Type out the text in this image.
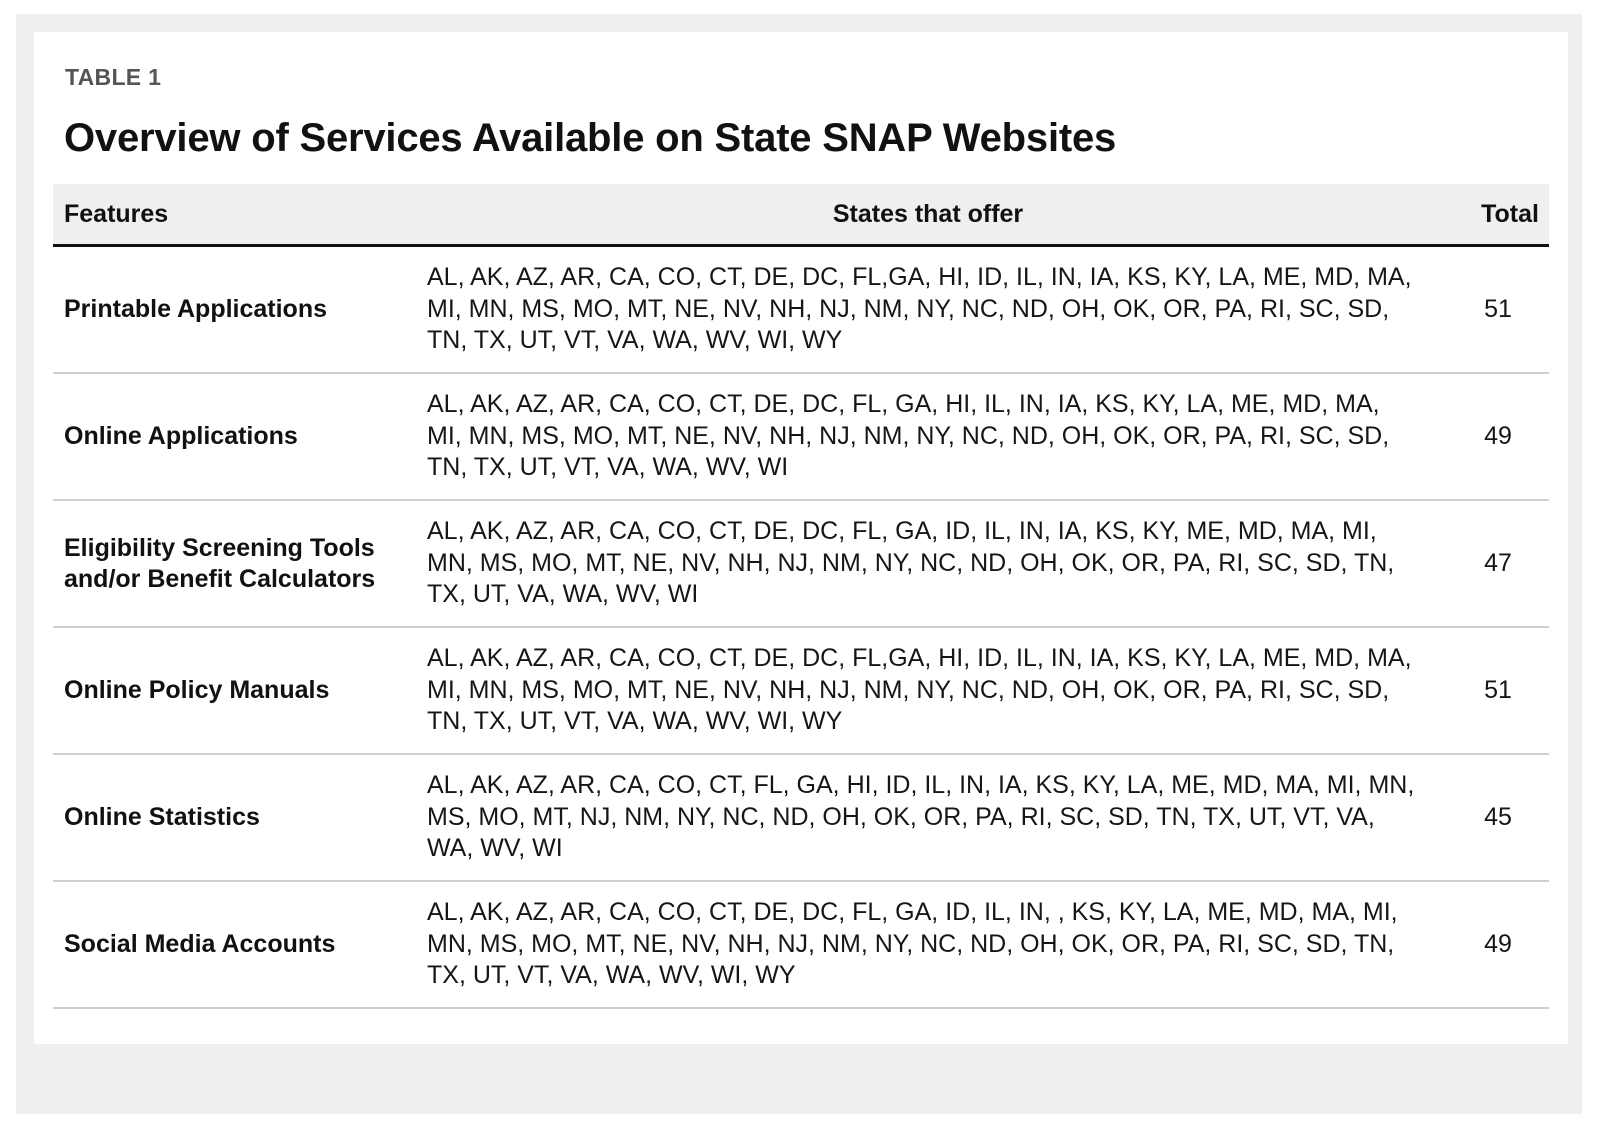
TABLE 1
Overview of Services Available on State SNAP Websites
Features	States that offer	Total
Printable Applications	AL, AK, AZ, AR, CA, CO, CT, DE, DC, FL,GA, HI, ID, IL, IN, IA, KS, KY, LA, ME, MD, MA, MI, MN, MS, MO, MT, NE, NV, NH, NJ, NM, NY, NC, ND, OH, OK, OR, PA, RI, SC, SD, TN, TX, UT, VT, VA, WA, WV, WI, WY	51
Online Applications	AL, AK, AZ, AR, CA, CO, CT, DE, DC, FL, GA, HI, IL, IN, IA, KS, KY, LA, ME, MD, MA, MI, MN, MS, MO, MT, NE, NV, NH, NJ, NM, NY, NC, ND, OH, OK, OR, PA, RI, SC, SD, TN, TX, UT, VT, VA, WA, WV, WI	49
Eligibility Screening Tools and/or Benefit Calculators	AL, AK, AZ, AR, CA, CO, CT, DE, DC, FL, GA, ID, IL, IN, IA, KS, KY, ME, MD, MA, MI, MN, MS, MO, MT, NE, NV, NH, NJ, NM, NY, NC, ND, OH, OK, OR, PA, RI, SC, SD, TN, TX, UT, VA, WA, WV, WI	47
Online Policy Manuals	AL, AK, AZ, AR, CA, CO, CT, DE, DC, FL,GA, HI, ID, IL, IN, IA, KS, KY, LA, ME, MD, MA, MI, MN, MS, MO, MT, NE, NV, NH, NJ, NM, NY, NC, ND, OH, OK, OR, PA, RI, SC, SD, TN, TX, UT, VT, VA, WA, WV, WI, WY	51
Online Statistics	AL, AK, AZ, AR, CA, CO, CT, FL, GA, HI, ID, IL, IN, IA, KS, KY, LA, ME, MD, MA, MI, MN, MS, MO, MT, NJ, NM, NY, NC, ND, OH, OK, OR, PA, RI, SC, SD, TN, TX, UT, VT, VA, WA, WV, WI	45
Social Media Accounts	AL, AK, AZ, AR, CA, CO, CT, DE, DC, FL, GA, ID, IL, IN, , KS, KY, LA, ME, MD, MA, MI, MN, MS, MO, MT, NE, NV, NH, NJ, NM, NY, NC, ND, OH, OK, OR, PA, RI, SC, SD, TN, TX, UT, VT, VA, WA, WV, WI, WY	49
